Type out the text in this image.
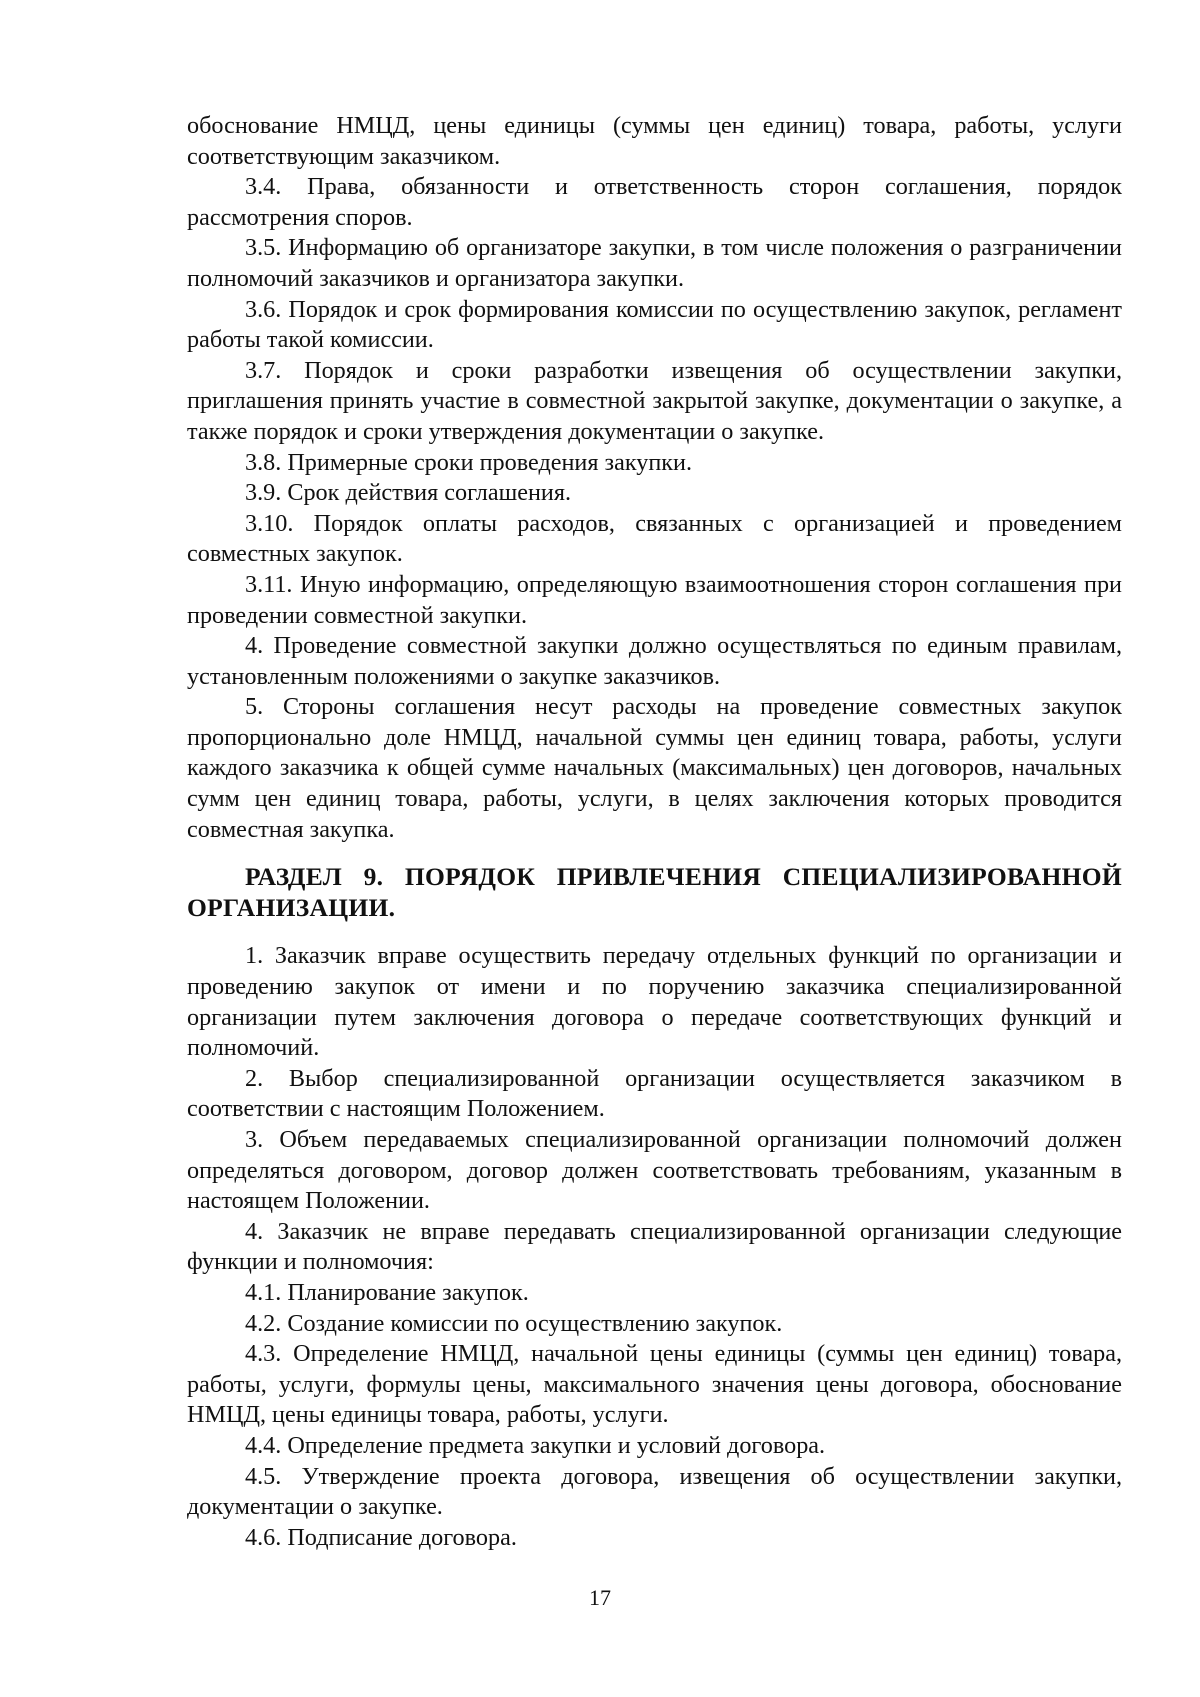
обоснование НМЦД, цены единицы (суммы цен единиц) товара, работы, услуги соответствующим заказчиком.

3.4. Права, обязанности и ответственность сторон соглашения, порядок рассмотрения споров.

3.5. Информацию об организаторе закупки, в том числе положения о разграничении полномочий заказчиков и организатора закупки.

3.6. Порядок и срок формирования комиссии по осуществлению закупок, регламент работы такой комиссии.

3.7. Порядок и сроки разработки извещения об осуществлении закупки, приглашения принять участие в совместной закрытой закупке, документации о закупке, а также порядок и сроки утверждения документации о закупке.

3.8. Примерные сроки проведения закупки.

3.9. Срок действия соглашения.

3.10. Порядок оплаты расходов, связанных с организацией и проведением совместных закупок.

3.11. Иную информацию, определяющую взаимоотношения сторон соглашения при проведении совместной закупки.

4. Проведение совместной закупки должно осуществляться по единым правилам, установленным положениями о закупке заказчиков.

5. Стороны соглашения несут расходы на проведение совместных закупок пропорционально доле НМЦД, начальной суммы цен единиц товара, работы, услуги каждого заказчика к общей сумме начальных (максимальных) цен договоров, начальных сумм цен единиц товара, работы, услуги, в целях заключения которых проводится совместная закупка.

РАЗДЕЛ 9. ПОРЯДОК ПРИВЛЕЧЕНИЯ СПЕЦИАЛИЗИРОВАННОЙ ОРГАНИЗАЦИИ.

1. Заказчик вправе осуществить передачу отдельных функций по организации и проведению закупок от имени и по поручению заказчика специализированной организации путем заключения договора о передаче соответствующих функций и полномочий.

2. Выбор специализированной организации осуществляется заказчиком в соответствии с настоящим Положением.

3. Объем передаваемых специализированной организации полномочий должен определяться договором, договор должен соответствовать требованиям, указанным в настоящем Положении.

4. Заказчик не вправе передавать специализированной организации следующие функции и полномочия:

4.1. Планирование закупок.

4.2. Создание комиссии по осуществлению закупок.

4.3. Определение НМЦД, начальной цены единицы (суммы цен единиц) товара, работы, услуги, формулы цены, максимального значения цены договора, обоснование НМЦД, цены единицы товара, работы, услуги.

4.4. Определение предмета закупки и условий договора.

4.5. Утверждение проекта договора, извещения об осуществлении закупки, документации о закупке.

4.6. Подписание договора.

17
